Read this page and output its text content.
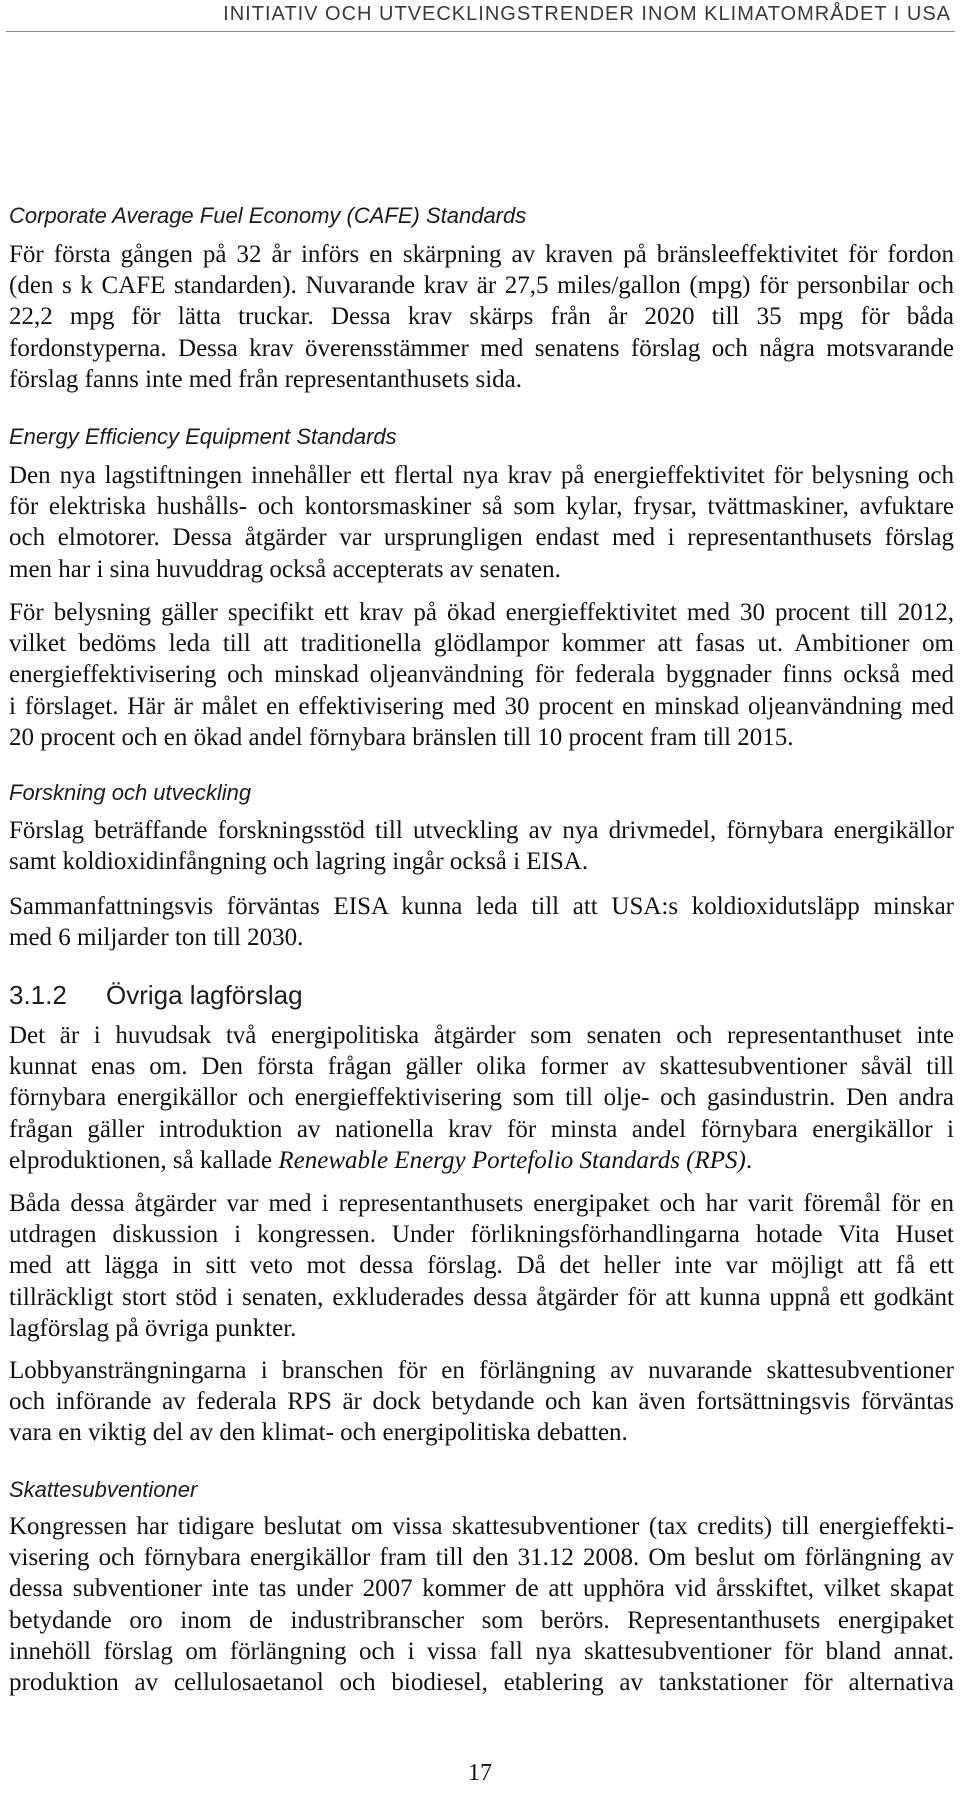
INITIATIV OCH UTVECKLINGSTRENDER INOM KLIMATOMRÅDET I USA
Corporate Average Fuel Economy (CAFE) Standards
För första gången på 32 år införs en skärpning av kraven på bränsleeffektivitet för fordon
(den s k CAFE standarden). Nuvarande krav är 27,5 miles/gallon (mpg) för personbilar och
22,2 mpg för lätta truckar. Dessa krav skärps från år 2020 till 35 mpg för båda
fordonstyperna. Dessa krav överensstämmer med senatens förslag och några motsvarande
förslag fanns inte med från representanthusets sida.
Energy Efficiency Equipment Standards
Den nya lagstiftningen innehåller ett flertal nya krav på energieffektivitet för belysning och
för elektriska hushålls- och kontorsmaskiner så som kylar, frysar, tvättmaskiner, avfuktare
och elmotorer. Dessa åtgärder var ursprungligen endast med i representanthusets förslag
men har i sina huvuddrag också accepterats av senaten.
För belysning gäller specifikt ett krav på ökad energieffektivitet med 30 procent till 2012,
vilket bedöms leda till att traditionella glödlampor kommer att fasas ut. Ambitioner om
energieffektivisering och minskad oljeanvändning för federala byggnader finns också med
i förslaget. Här är målet en effektivisering med 30 procent en minskad oljeanvändning med
20 procent och en ökad andel förnybara bränslen till 10 procent fram till 2015.
Forskning och utveckling
Förslag beträffande forskningsstöd till utveckling av nya drivmedel, förnybara energikällor
samt koldioxidinfångning och lagring ingår också i EISA.
Sammanfattningsvis förväntas EISA kunna leda till att USA:s koldioxidutsläpp minskar
med 6 miljarder ton till 2030.
3.1.2 Övriga lagförslag
Det är i huvudsak två energipolitiska åtgärder som senaten och representanthuset inte
kunnat enas om. Den första frågan gäller olika former av skattesubventioner såväl till
förnybara energikällor och energieffektivisering som till olje- och gasindustrin. Den andra
frågan gäller introduktion av nationella krav för minsta andel förnybara energikällor i
elproduktionen, så kallade Renewable Energy Portefolio Standards (RPS).
Båda dessa åtgärder var med i representanthusets energipaket och har varit föremål för en
utdragen diskussion i kongressen. Under förlikningsförhandlingarna hotade Vita Huset
med att lägga in sitt veto mot dessa förslag. Då det heller inte var möjligt att få ett
tillräckligt stort stöd i senaten, exkluderades dessa åtgärder för att kunna uppnå ett godkänt
lagförslag på övriga punkter.
Lobbyansträngningarna i branschen för en förlängning av nuvarande skattesubventioner
och införande av federala RPS är dock betydande och kan även fortsättningsvis förväntas
vara en viktig del av den klimat- och energipolitiska debatten.
Skattesubventioner
Kongressen har tidigare beslutat om vissa skattesubventioner (tax credits) till energieffekti-
visering och förnybara energikällor fram till den 31.12 2008. Om beslut om förlängning av
dessa subventioner inte tas under 2007 kommer de att upphöra vid årsskiftet, vilket skapat
betydande oro inom de industribranscher som berörs. Representanthusets energipaket
innehöll förslag om förlängning och i vissa fall nya skattesubventioner för bland annat.
produktion av cellulosaetanol och biodiesel, etablering av tankstationer för alternativa
17
